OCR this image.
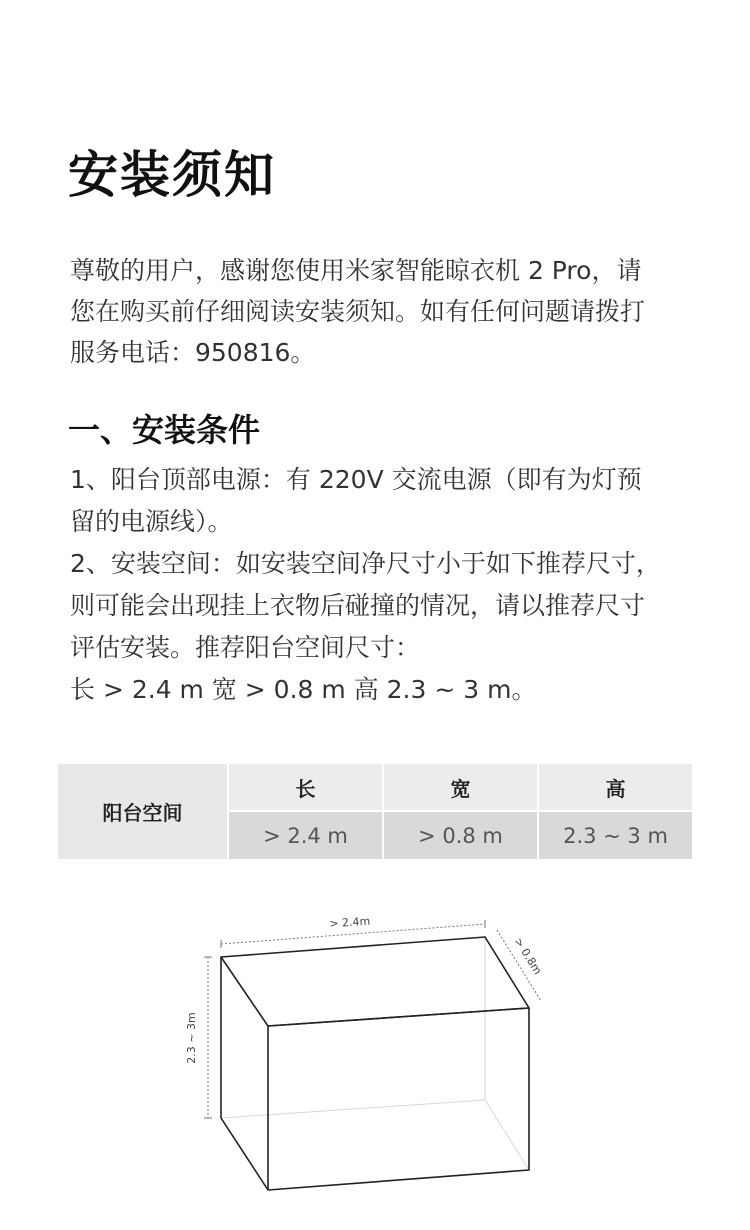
安装须知

尊敬的用户，感谢您使用米家智能晾衣机 2 Pro，请
您在购买前仔细阅读安装须知。如有任何问题请拨打
服务电话：950816。

一、安装条件

1、阳台顶部电源：有 220V 交流电源（即有为灯预
留的电源线）。
2、安装空间：如安装空间净尺寸小于如下推荐尺寸，
则可能会出现挂上衣物后碰撞的情况，请以推荐尺寸
评估安装。推荐阳台空间尺寸：
长 > 2.4 m 宽 > 0.8 m 高 2.3 ~ 3 m。

阳台空间	长	宽	高
	> 2.4 m	> 0.8 m	2.3 ~ 3 m
> 2.4m
> 0.8m
2.3 ~ 3m
